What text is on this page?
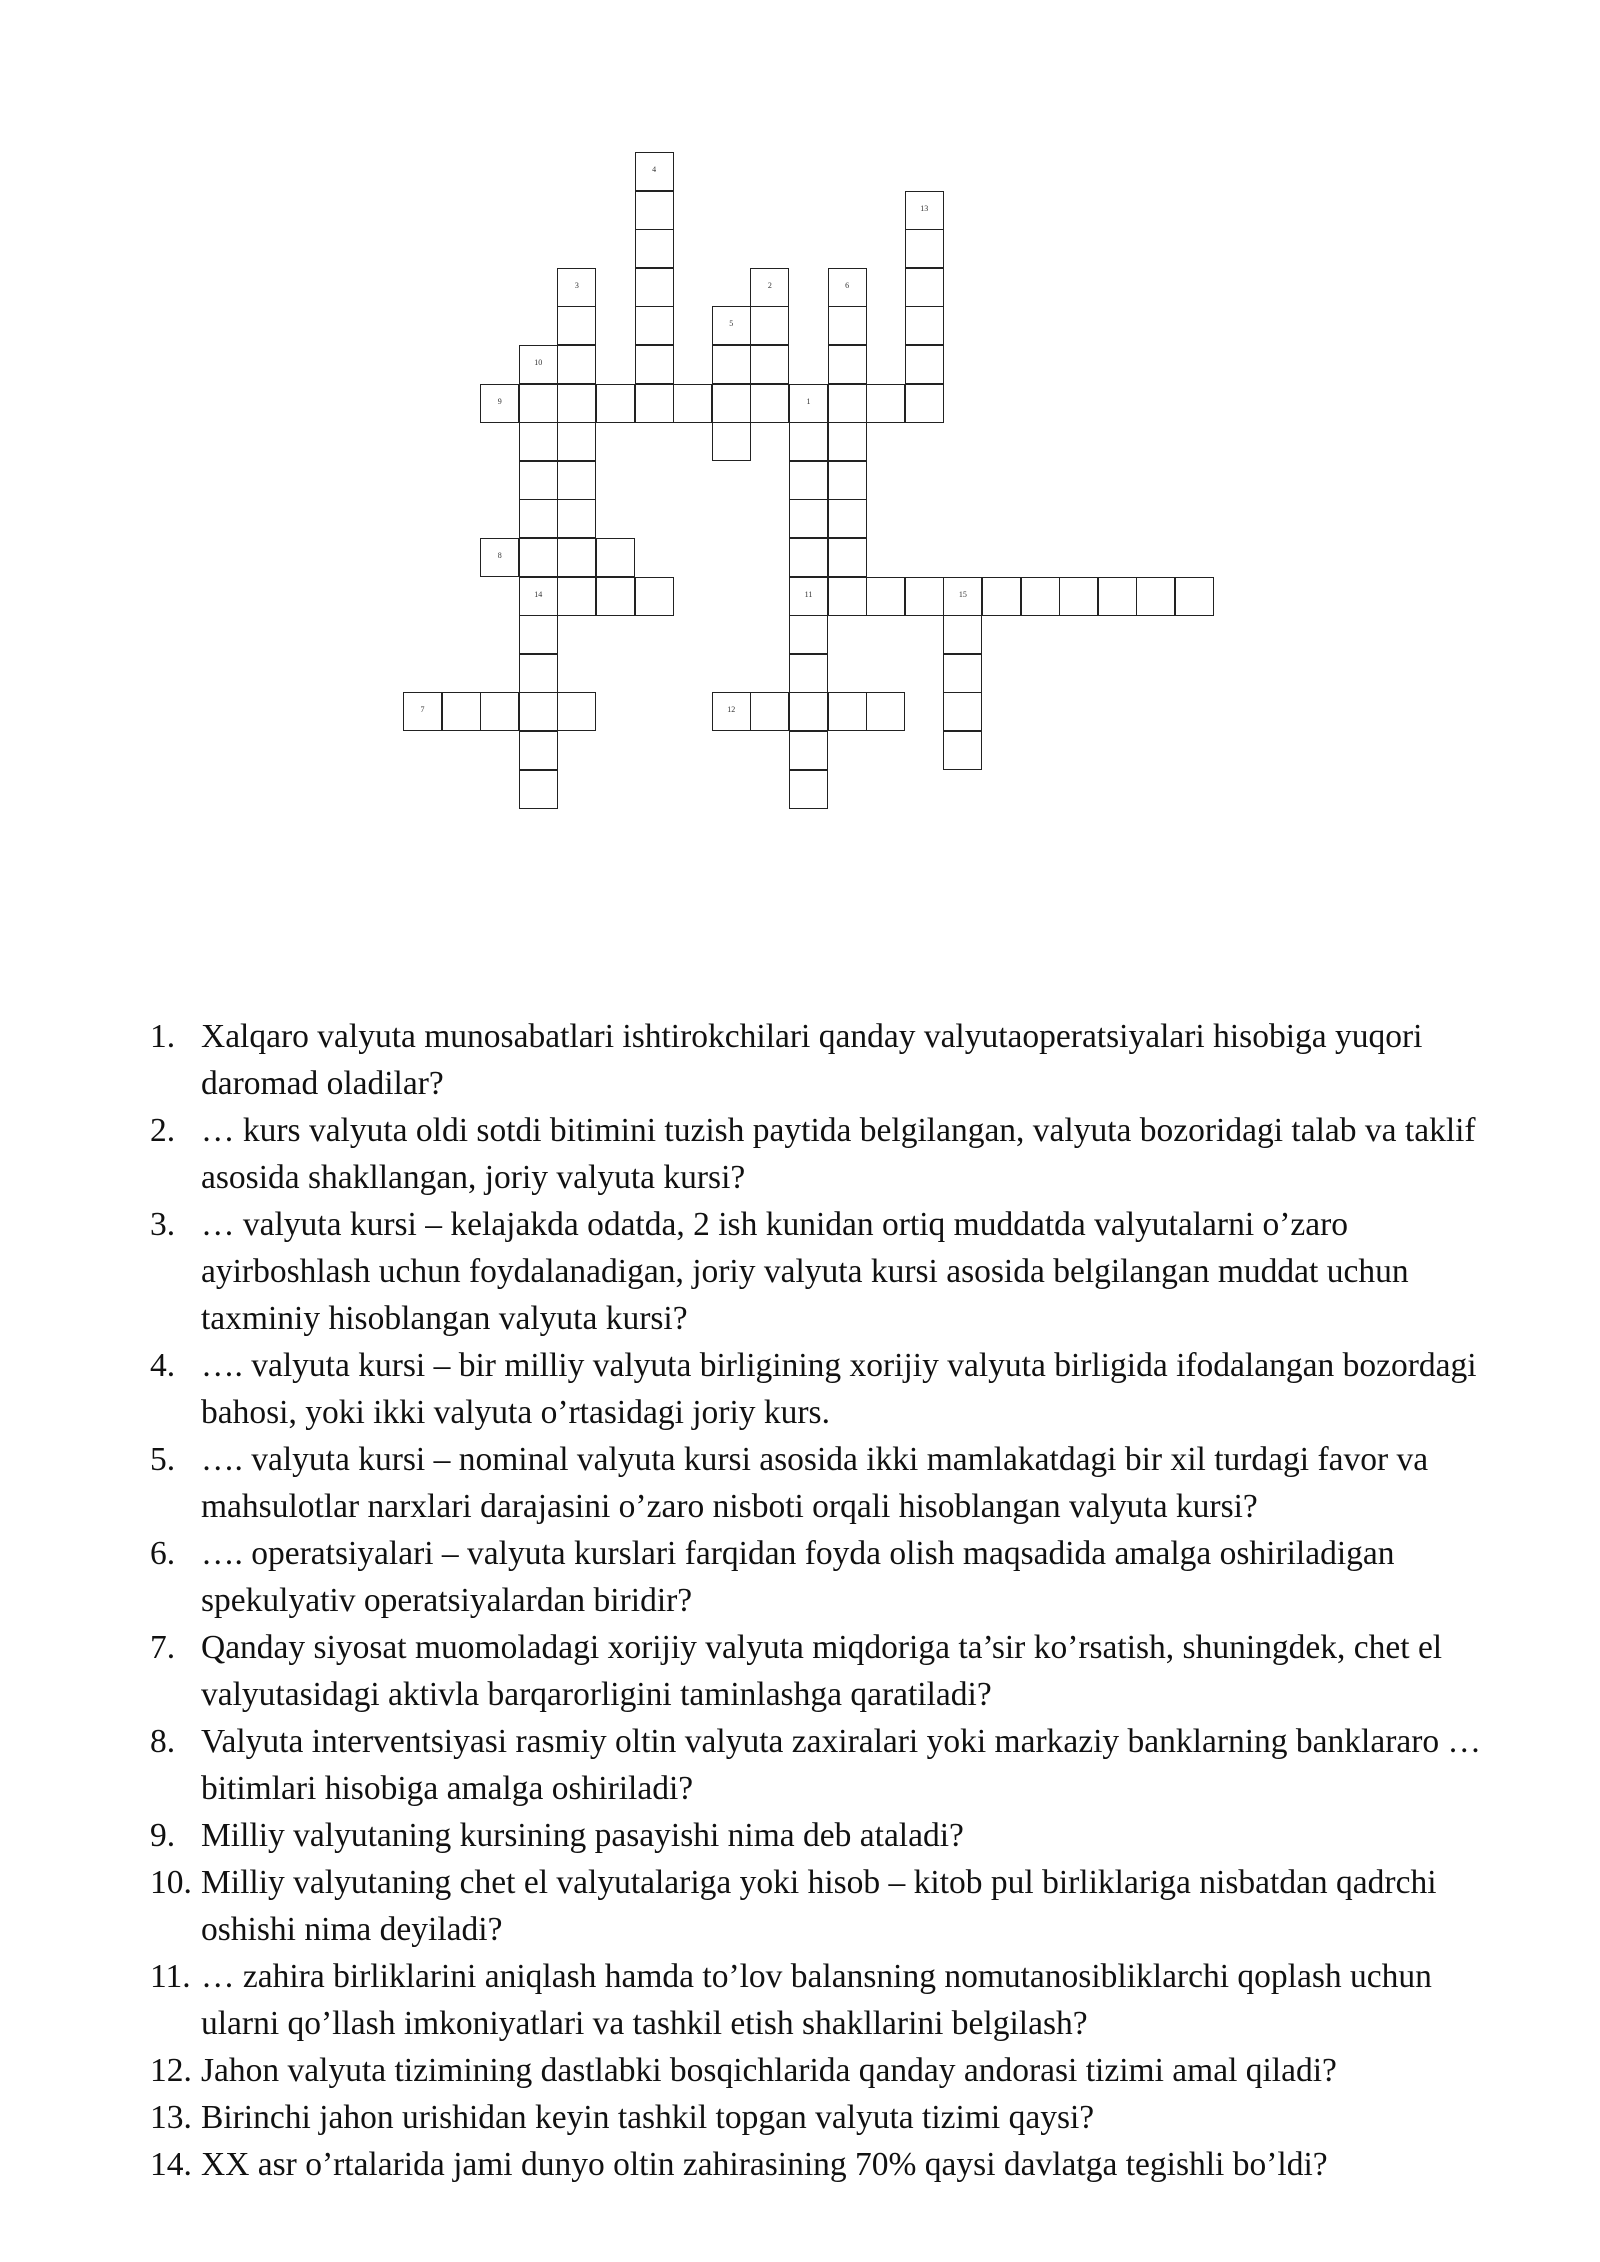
4
13
3	2	6
5
10
9	1
8
14	11	15
7	12
1. Xalqaro valyuta munosabatlari ishtirokchilari qanday valyutaoperatsiyalari hisobiga yuqori daromad oladilar?
2. … kurs valyuta oldi sotdi bitimini tuzish paytida belgilangan, valyuta bozoridagi talab va taklif asosida shakllangan, joriy valyuta kursi?
3. … valyuta kursi – kelajakda odatda, 2 ish kunidan ortiq muddatda valyutalarni o’zaro ayirboshlash uchun foydalanadigan, joriy valyuta kursi asosida belgilangan muddat uchun taxminiy hisoblangan valyuta kursi?
4. …. valyuta kursi – bir milliy valyuta birligining xorijiy valyuta birligida ifodalangan bozordagi bahosi, yoki ikki valyuta o’rtasidagi joriy kurs.
5. …. valyuta kursi – nominal valyuta kursi asosida ikki mamlakatdagi bir xil turdagi favor va mahsulotlar narxlari darajasini o’zaro nisboti orqali hisoblangan valyuta kursi?
6. …. operatsiyalari – valyuta kurslari farqidan foyda olish maqsadida amalga oshiriladigan spekulyativ operatsiyalardan biridir?
7. Qanday siyosat muomoladagi xorijiy valyuta miqdoriga ta’sir ko’rsatish, shuningdek, chet el valyutasidagi aktivla barqarorligini taminlashga qaratiladi?
8. Valyuta interventsiyasi rasmiy oltin valyuta zaxiralari yoki markaziy banklarning banklararo … bitimlari hisobiga amalga oshiriladi?
9. Milliy valyutaning kursining pasayishi nima deb ataladi?
10. Milliy valyutaning chet el valyutalariga yoki hisob – kitob pul birliklariga nisbatdan qadrchi oshishi nima deyiladi?
11. … zahira birliklarini aniqlash hamda to’lov balansning nomutanosibliklarchi qoplash uchun ularni qo’llash imkoniyatlari va tashkil etish shakllarini belgilash?
12. Jahon valyuta tizimining dastlabki bosqichlarida qanday andorasi tizimi amal qiladi?
13. Birinchi jahon urishidan keyin tashkil topgan valyuta tizimi qaysi?
14. XX asr o’rtalarida jami dunyo oltin zahirasining 70% qaysi davlatga tegishli bo’ldi?
